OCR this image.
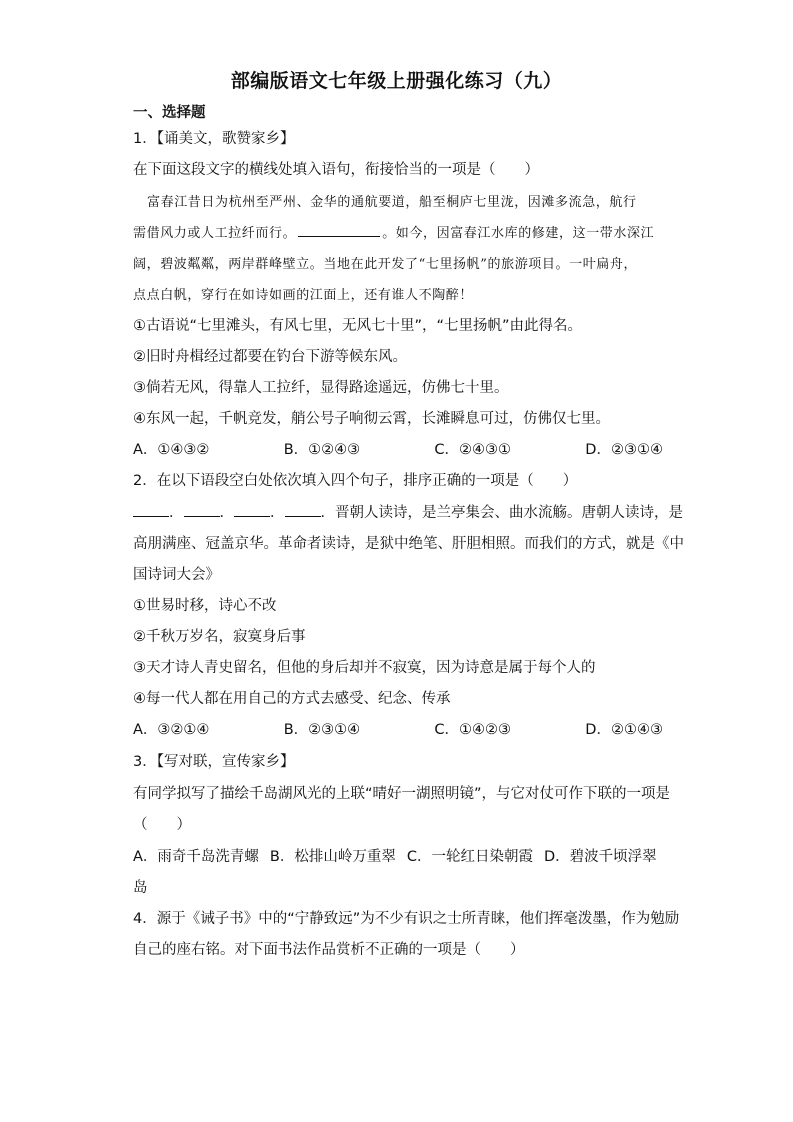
部编版语文七年级上册强化练习（九）
一、选择题
1．【诵美文，歌赞家乡】
在下面这段文字的横线处填入语句，衔接恰当的一项是（　　）
富春江昔日为杭州至严州、金华的通航要道，船至桐庐七里泷，因滩多流急，航行
需借风力或人工拉纤而行。	。如今，因富春江水库的修建，这一带水深江
阔，碧波粼粼，两岸群峰壁立。当地在此开发了“七里扬帆”的旅游项目。一叶扁舟，
点点白帆，穿行在如诗如画的江面上，还有谁人不陶醉！
①古语说“七里滩头，有风七里，无风七十里”，“七里扬帆”由此得名。
②旧时舟楫经过都要在钓台下游等候东风。
③倘若无风，得靠人工拉纤，显得路途遥远，仿佛七十里。
④东风一起，千帆竞发，艄公号子响彻云霄，长滩瞬息可过，仿佛仅七里。
A．①④③②	B．①②④③	C．②④③①	D．②③①④
2．在以下语段空白处依次填入四个句子，排序正确的一项是（　　）
． ． ． ．晋朝人读诗，是兰亭集会、曲水流觞。唐朝人读诗，是
高朋满座、冠盖京华。革命者读诗，是狱中绝笔、肝胆相照。而我们的方式，就是《中
国诗词大会》
①世易时移，诗心不改
②千秋万岁名，寂寞身后事
③天才诗人青史留名，但他的身后却并不寂寞，因为诗意是属于每个人的
④每一代人都在用自己的方式去感受、纪念、传承
A．③②①④	B．②③①④	C．①④②③	D．②①④③
3．【写对联，宣传家乡】
有同学拟写了描绘千岛湖风光的上联“晴好一湖照明镜”，与它对仗可作下联的一项是
（　　）
A．雨奇千岛洗青螺 B．松排山岭万重翠 C．一轮红日染朝霞 D．碧波千顷浮翠
岛
4．源于《诫子书》中的“宁静致远”为不少有识之士所青睐，他们挥毫泼墨，作为勉励
自己的座右铭。对下面书法作品赏析不正确的一项是（　　）
